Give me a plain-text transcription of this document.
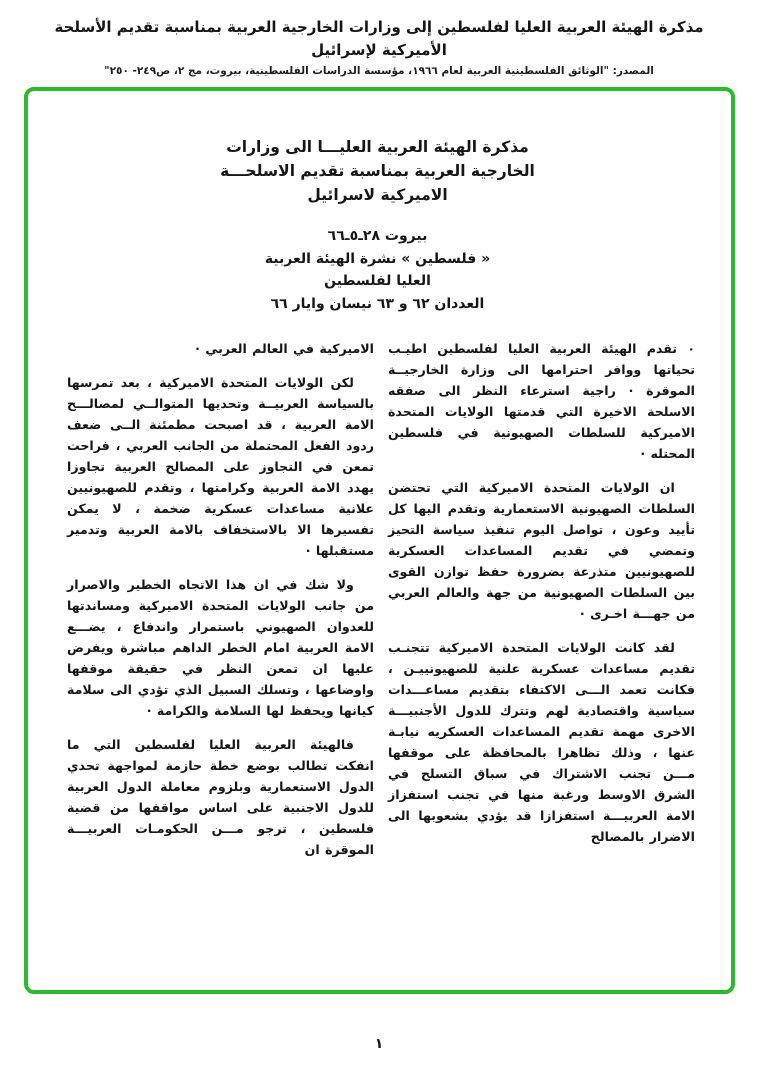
مذكرة الهيئة العربية العليا لفلسطين إلى وزارات الخارجية العربية بمناسبة تقديم الأسلحة الأميركية لإسرائيل
المصدر: "الوثائق الفلسطينية العربية لعام ١٩٦٦، مؤسسة الدراسات الفلسطينية، بيروت، مج ٢، ص٢٤٩- ٢٥٠"
مذكرة الهيئة العربية العليـــا الى وزارات
الخارجية العربية بمناسبة تقديم الاسلحـــة
الاميركية لاسرائيل
بيروت ٢٨ـ٥ـ٦٦
« فلسطين » نشرة الهيئة العربية
العليا لفلسطين
العددان ٦٢ و ٦٣ نيسان وايار ٦٦

٠ تقدم الهيئة العربية العليا لفلسطين اطيـب تحياتها ووافر احترامها الى وزارة الخارجيــة الموقرة · راجية استرعاء النظر الى صفقه الاسلحة الاخيرة التي قدمتها الولايات المتحدة الاميركية للسلطات الصهيونية في فلسطين المحتله ·

ان الولايات المتحدة الاميركية التي تحتضن السلطات الصهيونية الاستعمارية وتقدم اليها كل تأييد وعون ، تواصل اليوم تنفيذ سياسة التحيز وتمضي في تقديم المساعدات العسكرية للصهيونيين متذرعة بضرورة حفظ توازن القوى بين السلطات الصهيونية من جهة والعالم العربي من جهـــة اخـرى ·

لقد كانت الولايات المتحدة الاميركية تتجنـب تقديم مساعدات عسكرية علنية للصهيونييـن ، فكانت تعمد الـــى الاكتفاء بتقديم مساعـــدات سياسية واقتصادية لهم وتترك للدول الأجنبيـــة الاخرى مهمة تقديم المساعدات العسكريه نيابـة عنها ، وذلك تظاهرا بالمحافظة على موقفها مـــن تجنب الاشتراك في سباق التسلح في الشرق الاوسط ورغبة منها في تجنب استفزاز الامة العربيـــة استفزازا قد يؤدي بشعوبها الى الاضرار بالمصالح

الاميركية في العالم العربي ·

لكن الولايات المتحدة الاميركية ، بعد تمرسها بالسياسة العربيــة وتحديها المتوالــي لمصالـــح الامة العربية ، قد اصبحت مطمئنة الــى ضعف ردود الفعل المحتملة من الجانب العربي ، فراحت تمعن في التجاوز على المصالح العربية تجاوزا يهدد الامة العربية وكرامتها ، وتقدم للصهيونيين علانية مساعدات عسكرية ضخمة ، لا يمكن تفسيرها الا بالاستخفاف بالامة العربية وتدمير مستقبلها ·

ولا شك في ان هذا الاتجاه الخطير والاصرار من جانب الولايات المتحدة الاميركية ومساندتها للعدوان الصهيوني باستمرار واندفاع ، يضـــع الامة العربية امام الخطر الداهم مباشرة ويفرض عليها ان تمعن النظر في حقيقة موقفها واوضاعها ، وتسلك السبيل الذي تؤدي الى سلامة كيانها ويحفظ لها السلامة والكرامة ·

فالهيئة العربية العليا لفلسطين التي ما انفكت تطالب بوضع خطة حازمة لمواجهة تحدي الدول الاستعمارية وبلزوم معاملة الدول العربية للدول الاجنبية على اساس مواقفها من قضية فلسطين ، ترجو مـــن الحكومـات العربيـــة الموقرة ان

١
